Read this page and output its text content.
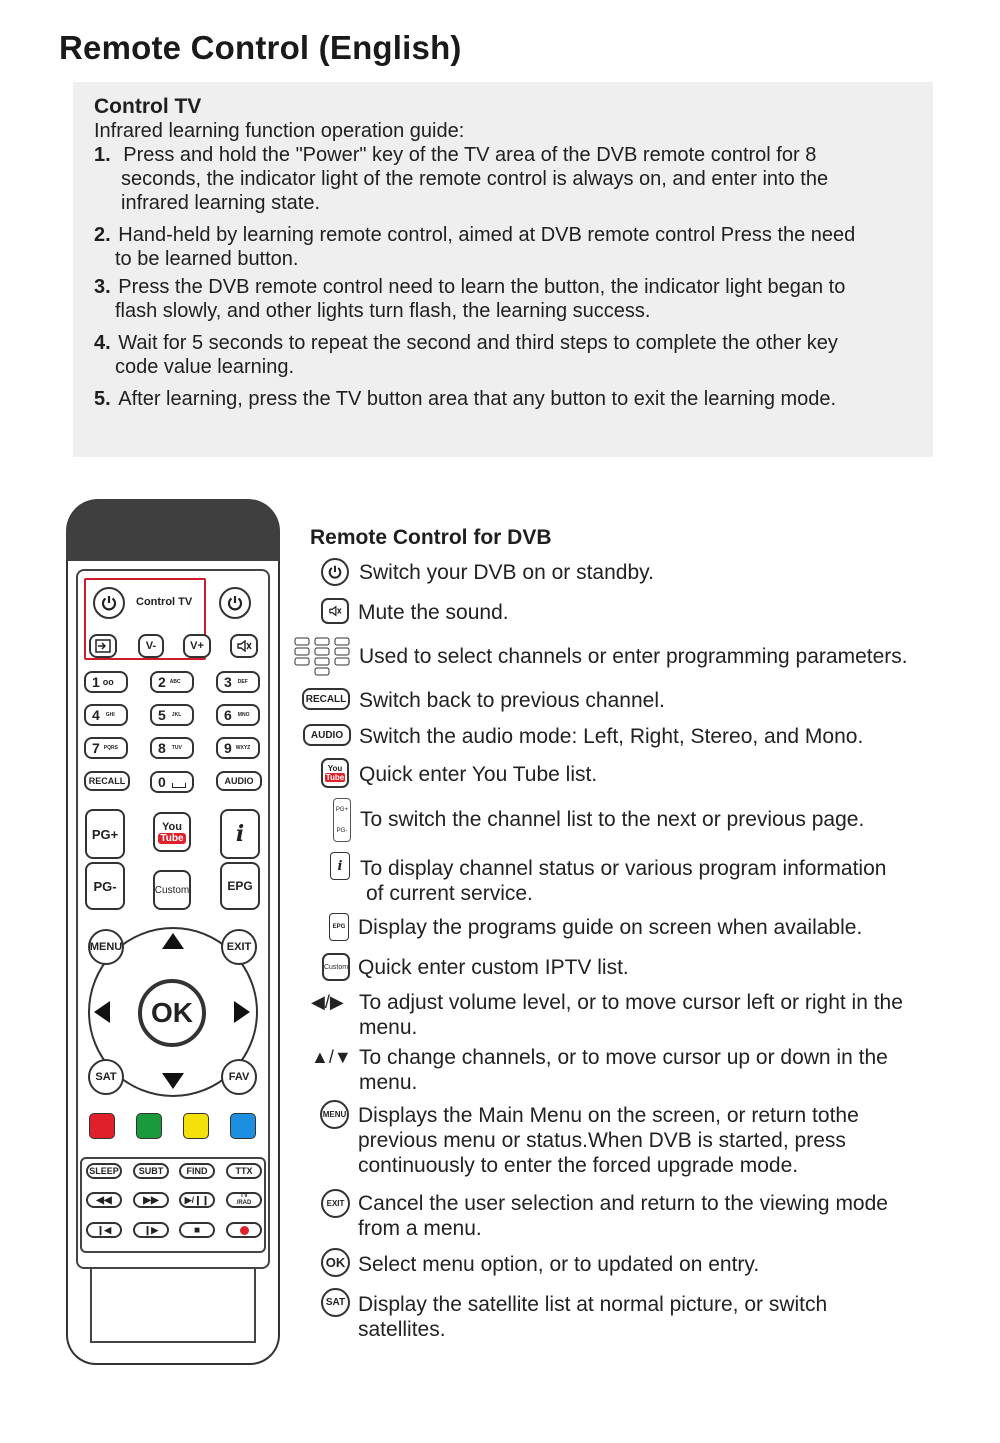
Remote Control (English)
Control TV
Infrared learning function operation guide:
1. Press and hold the "Power" key of the TV area of the DVB remote control for 8
seconds, the indicator light of the remote control is always on, and enter into the
infrared learning state.
2. Hand-held by learning remote control, aimed at DVB remote control Press the need
to be learned button.
3. Press the DVB remote control need to learn the button, the indicator light began to
flash slowly, and other lights turn flash, the learning success.
4. Wait for 5 seconds to repeat the second and third steps to complete the other key
code value learning.
5. After learning, press the TV button area that any button to exit the learning mode.
Control TV
V-	V+
1 oo	2 ABC	3 DEF
4 GHI	5 JKL	6 MNO
7 PQRS	8 TUV	9 WXYZ
RECALL	0	AUDIO
PG+
PG-
You
Tube	i
Custom	EPG
OK
MENU	EXIT
SAT	FAV
SLEEP	SUBT	FIND	TTX
◀◀	▶▶	▶/❙❙	TV
/RAD
❙◀	❙▶	■
Remote Control for DVB
Switch your DVB on or standby.
Mute the sound.
Used to select channels or enter programming parameters.
RECALL Switch back to previous channel.
AUDIO Switch the audio mode: Left, Right, Stereo, and Mono.
You
Tube Quick enter You Tube list.
PG+
PG- To switch the channel list to the next or previous page.
i To display channel status or various program information
of current service.
EPG Display the programs guide on screen when available.
Custom Quick enter custom IPTV list.
◀/▶ To adjust volume level, or to move cursor left or right in the
menu.
▲/▼ To change channels, or to move cursor up or down in the
menu.
MENU Displays the Main Menu on the screen, or return tothe
previous menu or status.When DVB is started, press
continuously to enter the forced upgrade mode.
EXIT Cancel the user selection and return to the viewing mode
from a menu.
OK Select menu option, or to updated on entry.
SAT Display the satellite list at normal picture, or switch
satellites.
